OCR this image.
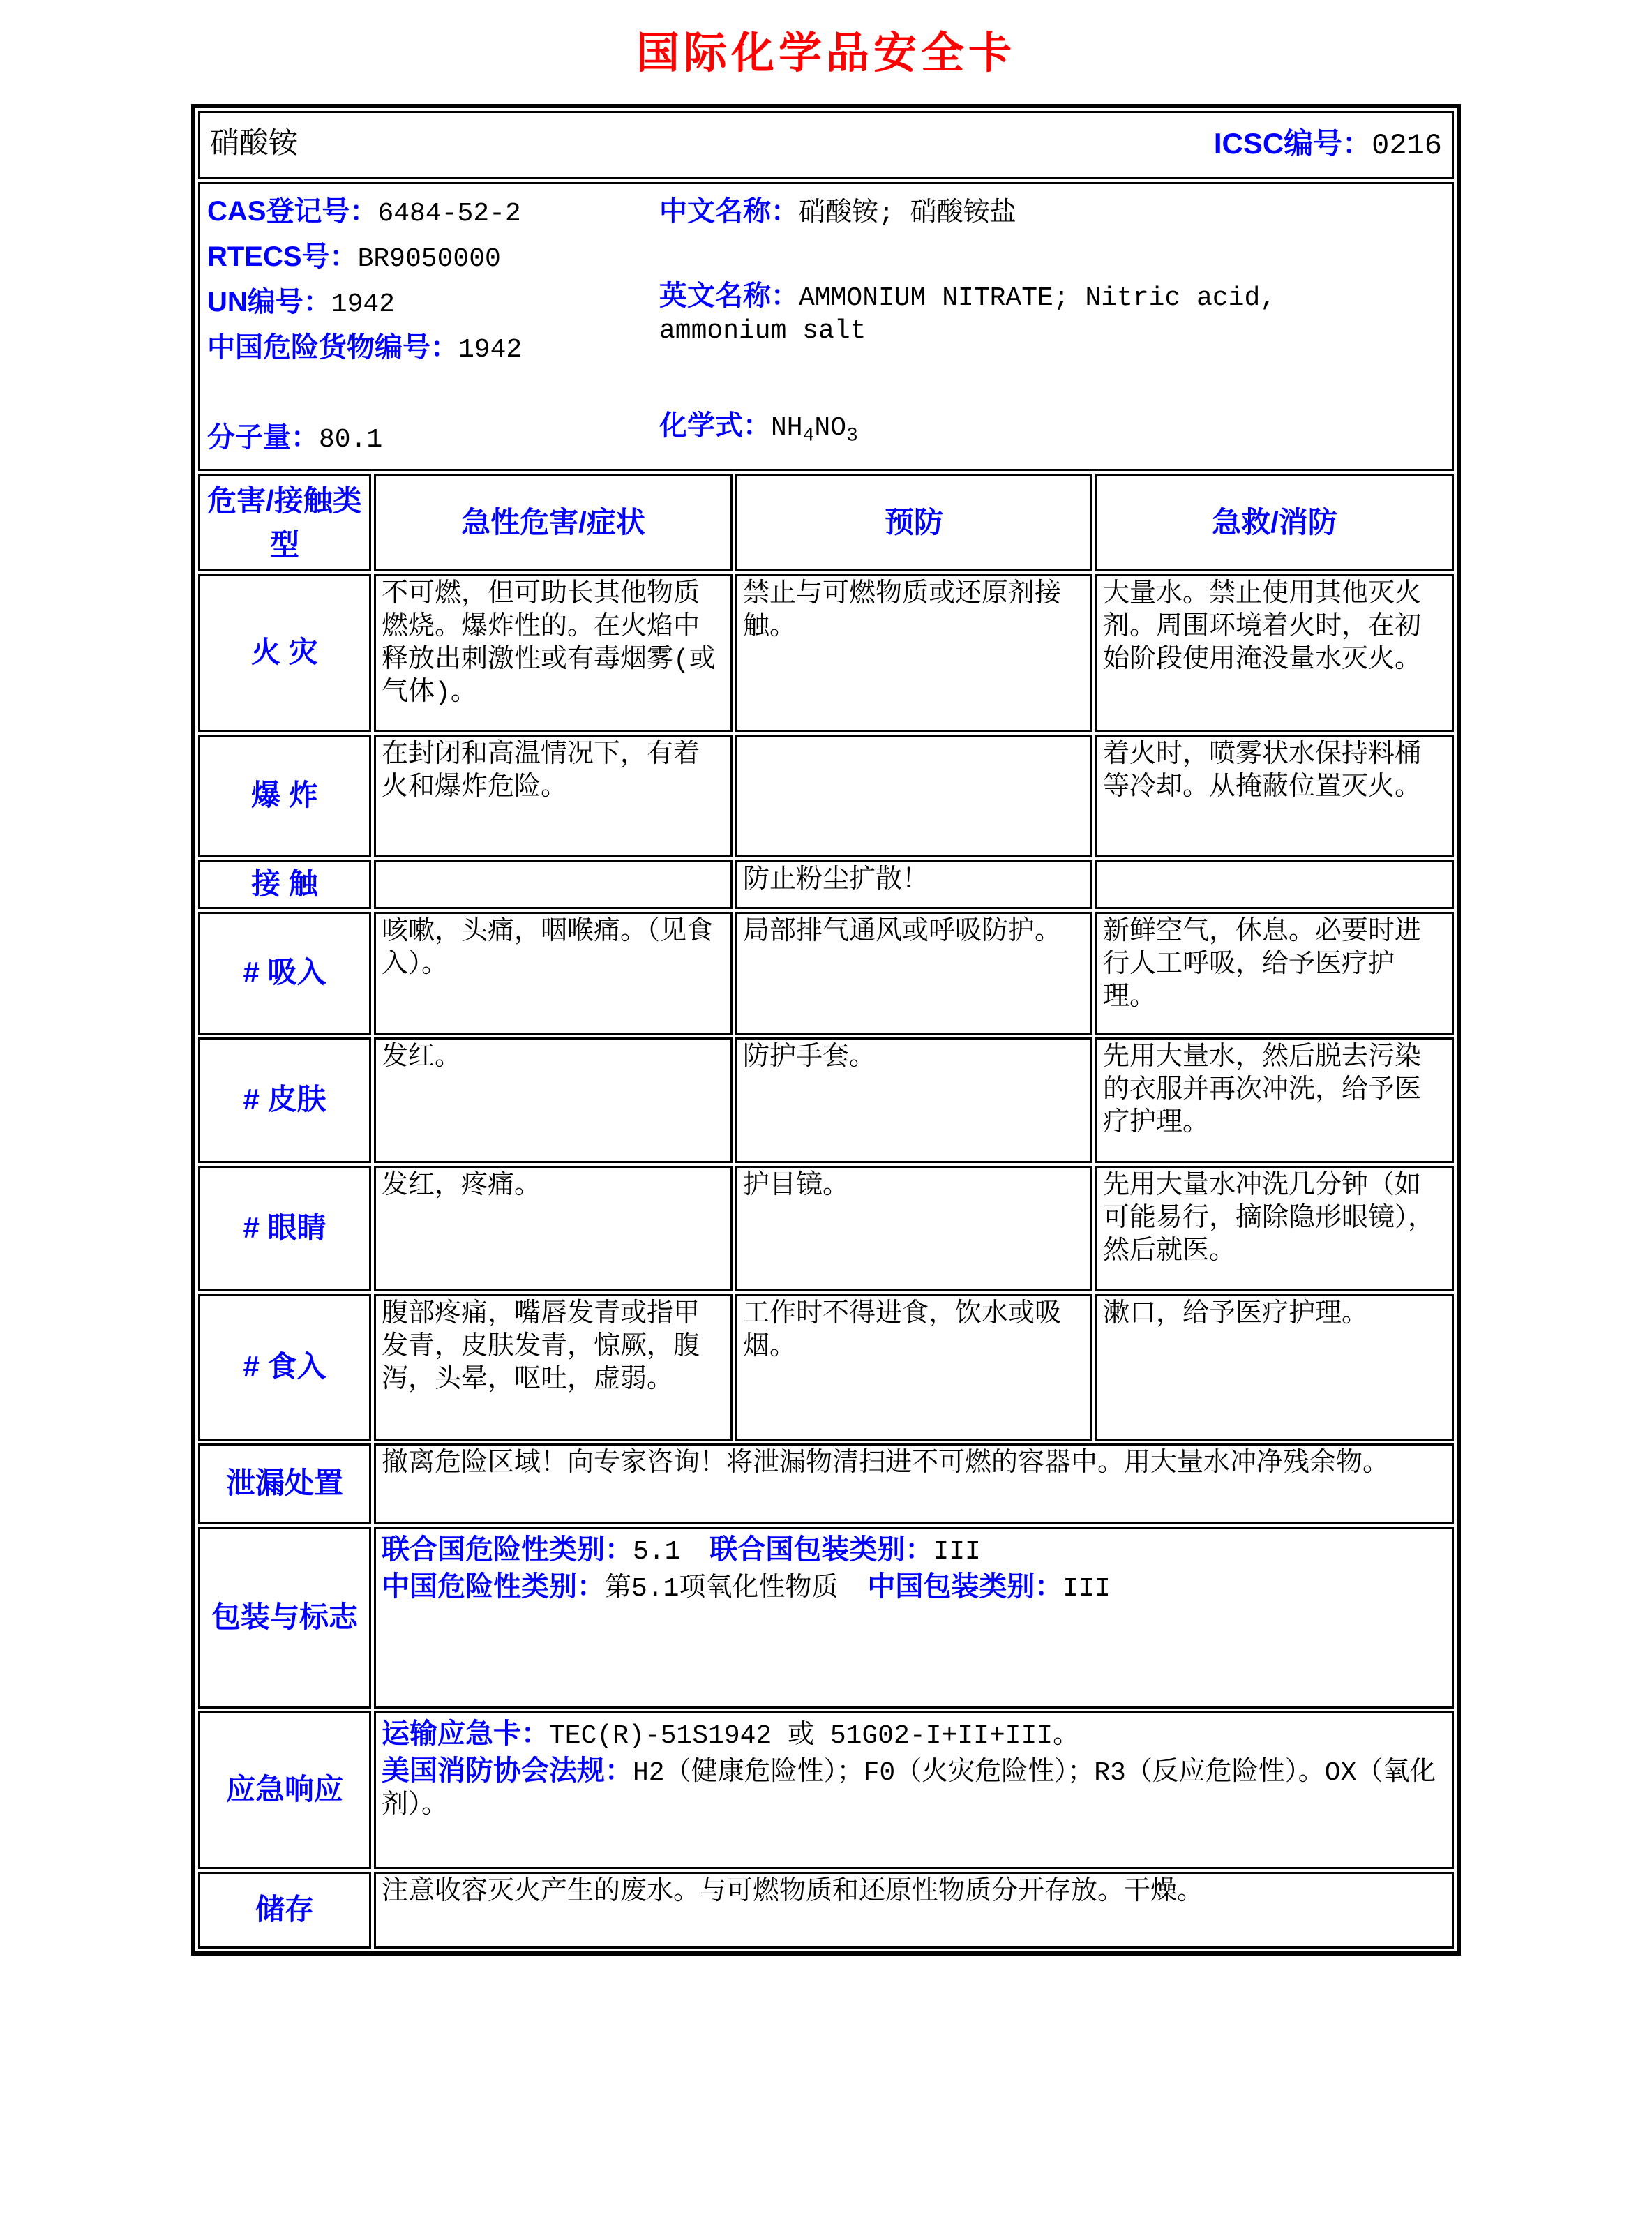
国际化学品安全卡
硝酸铵 ICSC编号：0216			

CAS登记号：6484-52-2
RTECS号：BR9050000
UN编号：1942
中国危险货物编号：1942
分子量：80.1
中文名称：硝酸铵; 硝酸铵盐
英文名称：AMMONIUM NITRATE; Nitric acid, ammonium salt
化学式：$NH_4NO_3$

危害/接触类型	急性危害/症状	预防	急救/消防
火 灾	不可燃，但可助长其他物质燃烧。爆炸性的。在火焰中释放出刺激性或有毒烟雾(或气体)。	禁止与可燃物质或还原剂接触。	大量水。禁止使用其他灭火剂。周围环境着火时，在初始阶段使用淹没量水灭火。
爆 炸	在封闭和高温情况下，有着火和爆炸危险。		着火时，喷雾状水保持料桶等冷却。从掩蔽位置灭火。
接 触		防止粉尘扩散！	
# 吸入	咳嗽，头痛，咽喉痛。（见食入）。	局部排气通风或呼吸防护。	新鲜空气，休息。必要时进行人工呼吸，给予医疗护理。
# 皮肤	发红。	防护手套。	先用大量水，然后脱去污染的衣服并再次冲洗，给予医疗护理。
# 眼睛	发红，疼痛。	护目镜。	先用大量水冲洗几分钟（如可能易行，摘除隐形眼镜），然后就医。
# 食入	腹部疼痛，嘴唇发青或指甲发青，皮肤发青，惊厥，腹泻，头晕，呕吐，虚弱。	工作时不得进食，饮水或吸烟。	漱口，给予医疗护理。
泄漏处置	撤离危险区域！向专家咨询！将泄漏物清扫进不可燃的容器中。用大量水冲净残余物。		
包装与标志	联合国危险性类别：5.1 联合国包装类别：III
中国危险性类别：第5.1项氧化性物质 中国包装类别：III		

应急响应	运输应急卡：TEC(R)-51S1942 或 51G02-I+II+III。
美国消防协会法规：H2（健康危险性）；F0（火灾危险性）；R3（反应危险性）。OX（氧化剂）。		

储存	注意收容灭火产生的废水。与可燃物质和还原性物质分开存放。干燥。		
